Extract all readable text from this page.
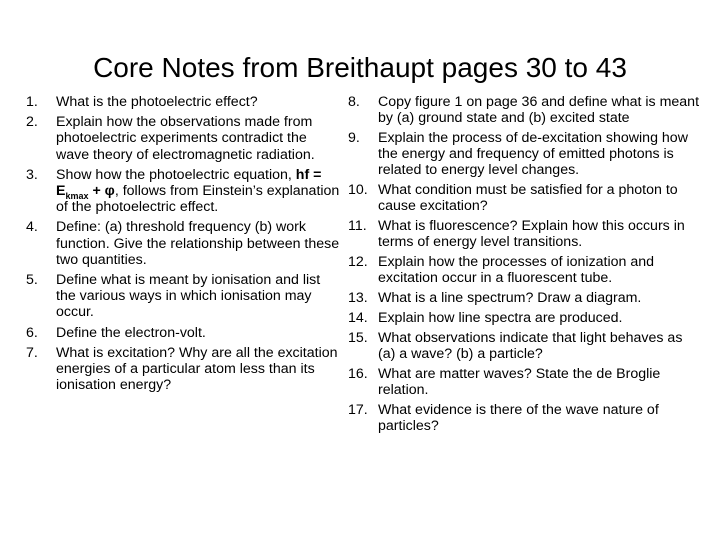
Core Notes from Breithaupt pages 30 to 43
1. What is the photoelectric effect?
2. Explain how the observations made from photoelectric experiments contradict the wave theory of electromagnetic radiation.
3. Show how the photoelectric equation, hf = $E_{kmax} + \varphi$, follows from Einstein’s explanation of the photoelectric effect.
4. Define: (a) threshold frequency (b) work function. Give the relationship between these two quantities.
5. Define what is meant by ionisation and list the various ways in which ionisation may occur.
6. Define the electron-volt.
7. What is excitation? Why are all the excitation energies of a particular atom less than its ionisation energy?
8. Copy figure 1 on page 36 and define what is meant by (a) ground state and (b) excited state
9. Explain the process of de-excitation showing how the energy and frequency of emitted photons is related to energy level changes.
10. What condition must be satisfied for a photon to cause excitation?
11. What is fluorescence? Explain how this occurs in terms of energy level transitions.
12. Explain how the processes of ionization and excitation occur in a fluorescent tube.
13. What is a line spectrum? Draw a diagram.
14. Explain how line spectra are produced.
15. What observations indicate that light behaves as (a) a wave? (b) a particle?
16. What are matter waves? State the de Broglie relation.
17. What evidence is there of the wave nature of particles?
